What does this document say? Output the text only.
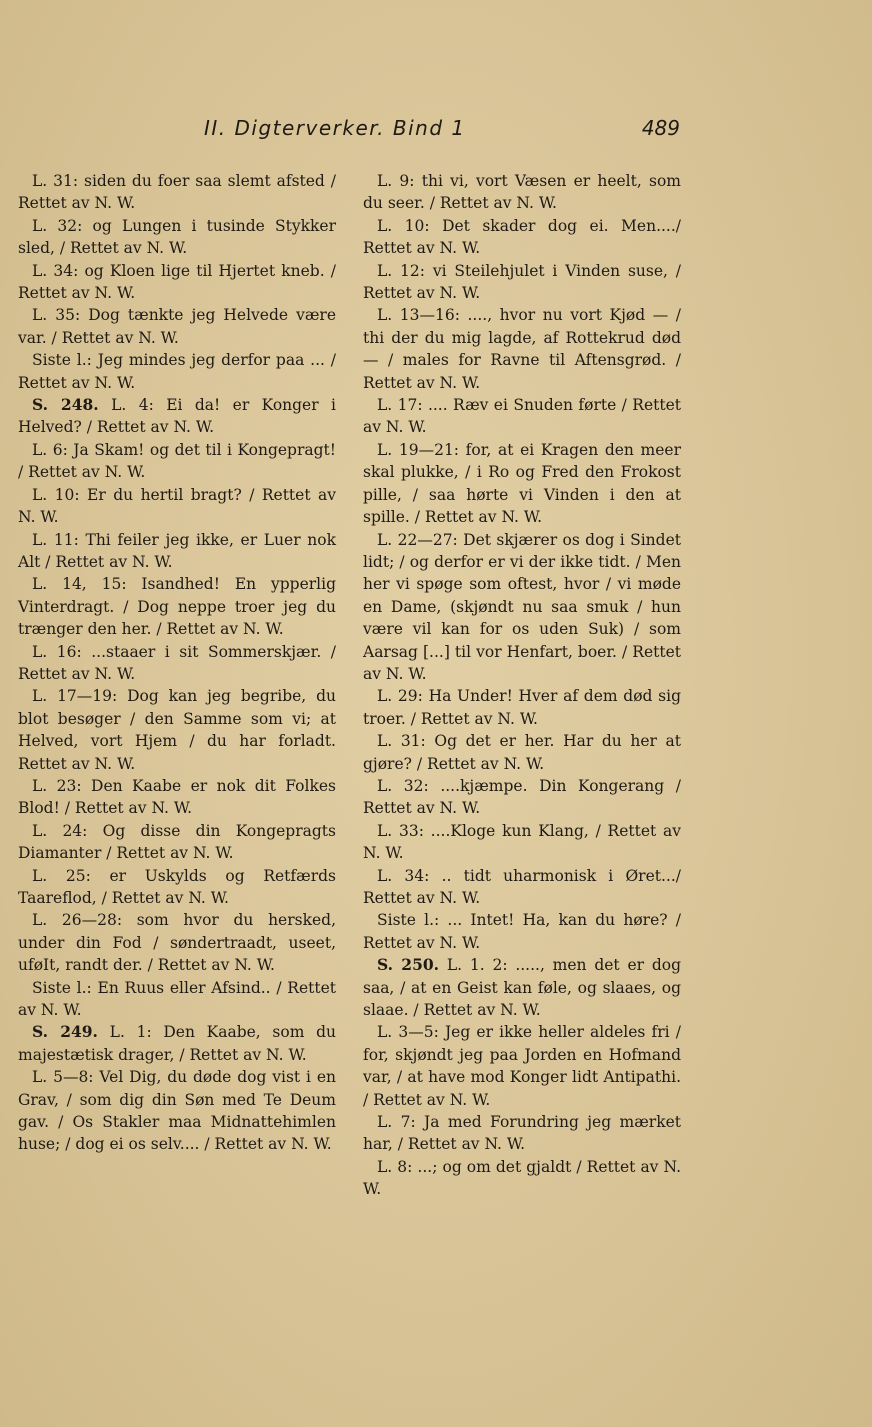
II. Digterverker. Bind 1	489

L. 31: siden du foer saa slemt afsted / Rettet av N. W.

L. 32: og Lungen i tusinde Stykker sled, / Rettet av N. W.

L. 34: og Kloen lige til Hjertet kneb. / Rettet av N. W.

L. 35: Dog tænkte jeg Helvede være var. / Rettet av N. W.

Siste l.: Jeg mindes jeg derfor paa ... / Rettet av N. W.

S. 248. L. 4: Ei da! er Konger i Helved? / Rettet av N. W.

L. 6: Ja Skam! og det til i Kongepragt! / Rettet av N. W.

L. 10: Er du hertil bragt? / Rettet av N. W.

L. 11: Thi feiler jeg ikke, er Luer nok Alt / Rettet av N. W.

L. 14, 15: Isandhed! En ypperlig Vinterdragt. / Dog neppe troer jeg du trænger den her. / Rettet av N. W.

L. 16: ...staaer i sit Sommerskjær. / Rettet av N. W.

L. 17—19: Dog kan jeg begribe, du blot besøger / den Samme som vi; at Helved, vort Hjem / du har forladt. Rettet av N. W.

L. 23: Den Kaabe er nok dit Folkes Blod! / Rettet av N. W.

L. 24: Og disse din Kongepragts Diamanter / Rettet av N. W.

L. 25: er Uskylds og Retfærds Taareflod, / Rettet av N. W.

L. 26—28: som hvor du hersked, under din Fod / søndertraadt, useet, uføIt, randt der. / Rettet av N. W.

Siste l.: En Ruus eller Afsind.. / Rettet av N. W.

S. 249. L. 1: Den Kaabe, som du majestætisk drager, / Rettet av N. W.

L. 5—8: Vel Dig, du døde dog vist i en Grav, / som dig din Søn med Te Deum gav. / Os Stakler maa Midnattehimlen huse; / dog ei os selv.... / Rettet av N. W.

L. 9: thi vi, vort Væsen er heelt, som du seer. / Rettet av N. W.

L. 10: Det skader dog ei. Men..../ Rettet av N. W.

L. 12: vi Steilehjulet i Vinden suse, / Rettet av N. W.

L. 13—16: ...., hvor nu vort Kjød — / thi der du mig lagde, af Rottekrud død — / males for Ravne til Aftensgrød. / Rettet av N. W.

L. 17: .... Ræv ei Snuden førte / Rettet av N. W.

L. 19—21: for, at ei Kragen den meer skal plukke, / i Ro og Fred den Frokost pille, / saa hørte vi Vinden i den at spille. / Rettet av N. W.

L. 22—27: Det skjærer os dog i Sindet lidt; / og derfor er vi der ikke tidt. / Men her vi spøge som oftest, hvor / vi møde en Dame, (skjøndt nu saa smuk / hun være vil kan for os uden Suk) / som Aarsag [...] til vor Henfart, boer. / Rettet av N. W.

L. 29: Ha Under! Hver af dem død sig troer. / Rettet av N. W.

L. 31: Og det er her. Har du her at gjøre? / Rettet av N. W.

L. 32: ....kjæmpe. Din Kongerang / Rettet av N. W.

L. 33: ....Kloge kun Klang, / Rettet av N. W.

L. 34: .. tidt uharmonisk i Øret.../ Rettet av N. W.

Siste l.: ... Intet! Ha, kan du høre? / Rettet av N. W.

S. 250. L. 1. 2: ....., men det er dog saa, / at en Geist kan føle, og slaaes, og slaae. / Rettet av N. W.

L. 3—5: Jeg er ikke heller aldeles fri / for, skjøndt jeg paa Jorden en Hofmand var, / at have mod Konger lidt Antipathi. / Rettet av N. W.

L. 7: Ja med Forundring jeg mærket har, / Rettet av N. W.

L. 8: ...; og om det gjaldt / Rettet av N. W.
